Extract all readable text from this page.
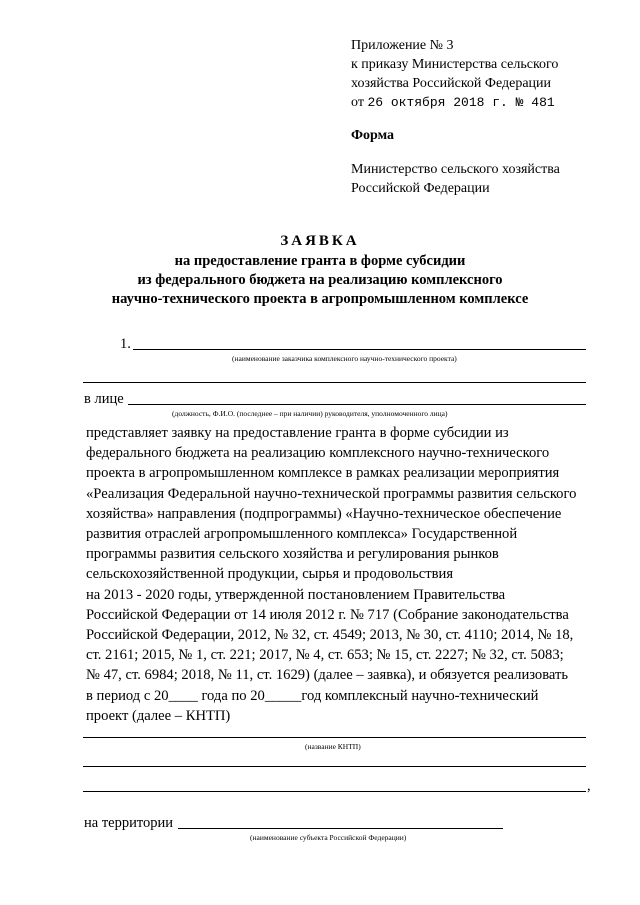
Приложение № 3
к приказу Министерства сельского
хозяйства Российской Федерации
от 26 октября 2018 г. № 481
Форма
Министерство сельского хозяйства
Российской Федерации
ЗАЯВКА
на предоставление гранта в форме субсидии
из федерального бюджета на реализацию комплексного
научно-технического проекта в агропромышленном комплексе
1.
(наименование заказчика комплексного научно-технического проекта)
в лице
(должность, Ф.И.О. (последнее – при наличии) руководителя, уполномоченного лица)
представляет заявку на предоставление гранта в форме субсидии из
федерального бюджета на реализацию комплексного научно-технического
проекта в агропромышленном комплексе в рамках реализации мероприятия
«Реализация Федеральной научно-технической программы развития сельского
хозяйства» направления (подпрограммы) «Научно-техническое обеспечение
развития отраслей агропромышленного комплекса» Государственной
программы развития сельского хозяйства и регулирования рынков
сельскохозяйственной продукции, сырья и продовольствия
на 2013 - 2020 годы, утвержденной постановлением Правительства
Российской Федерации от 14 июля 2012 г. № 717 (Собрание законодательства
Российской Федерации, 2012, № 32, ст. 4549; 2013, № 30, ст. 4110; 2014, № 18,
ст. 2161; 2015, № 1, ст. 221; 2017, № 4, ст. 653; № 15, ст. 2227; № 32, ст. 5083;
№ 47, ст. 6984; 2018, № 11, ст. 1629) (далее – заявка), и обязуется реализовать
в период с 20____ года по 20_____год комплексный научно-технический
проект (далее – КНТП)
(название КНТП)
,
на территории
(наименование субъекта Российской Федерации)
